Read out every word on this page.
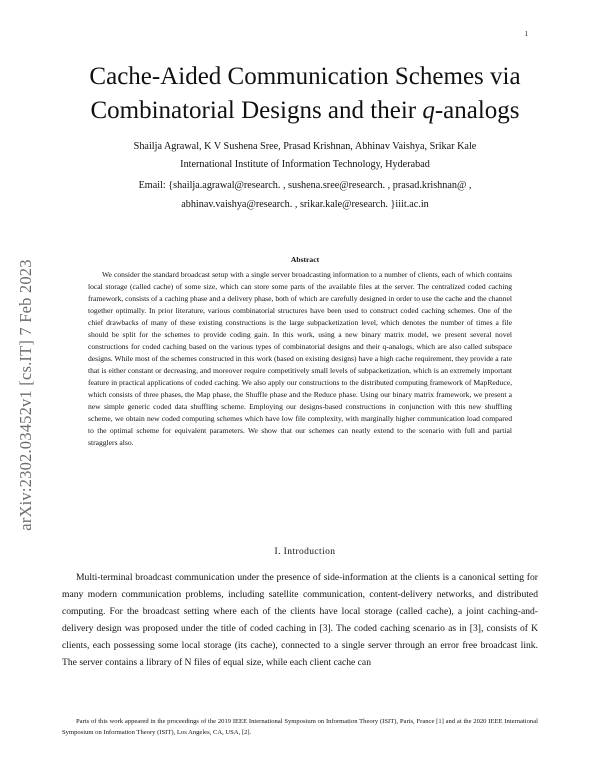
1
arXiv:2302.03452v1 [cs.IT] 7 Feb 2023
Cache-Aided Communication Schemes via
Combinatorial Designs and their q-analogs
Shailja Agrawal, K V Sushena Sree, Prasad Krishnan, Abhinav Vaishya, Srikar Kale
International Institute of Information Technology, Hyderabad
Email: {shailja.agrawal@research. , sushena.sree@research. , prasad.krishnan@ ,
abhinav.vaishya@research. , srikar.kale@research. }iiit.ac.in
Abstract

We consider the standard broadcast setup with a single server broadcasting information to a number of clients, each of which contains local storage (called cache) of some size, which can store some parts of the available files at the server. The centralized coded caching framework, consists of a caching phase and a delivery phase, both of which are carefully designed in order to use the cache and the channel together optimally. In prior literature, various combinatorial structures have been used to construct coded caching schemes. One of the chief drawbacks of many of these existing constructions is the large subpacketization level, which denotes the number of times a file should be split for the schemes to provide coding gain. In this work, using a new binary matrix model, we present several novel constructions for coded caching based on the various types of combinatorial designs and their q-analogs, which are also called subspace designs. While most of the schemes constructed in this work (based on existing designs) have a high cache requirement, they provide a rate that is either constant or decreasing, and moreover require competitively small levels of subpacketization, which is an extremely important feature in practical applications of coded caching. We also apply our constructions to the distributed computing framework of MapReduce, which consists of three phases, the Map phase, the Shuffle phase and the Reduce phase. Using our binary matrix framework, we present a new simple generic coded data shuffling scheme. Employing our designs-based constructions in conjunction with this new shuffling scheme, we obtain new coded computing schemes which have low file complexity, with marginally higher communication load compared to the optimal scheme for equivalent parameters. We show that our schemes can neatly extend to the scenario with full and partial stragglers also.

I. Introduction

Multi-terminal broadcast communication under the presence of side-information at the clients is a canonical setting for many modern communication problems, including satellite communication, content-delivery networks, and distributed computing. For the broadcast setting where each of the clients have local storage (called cache), a joint caching-and-delivery design was proposed under the title of coded caching in [3]. The coded caching scenario as in [3], consists of K clients, each possessing some local storage (its cache), connected to a single server through an error free broadcast link. The server contains a library of N files of equal size, while each client cache can

Parts of this work appeared in the proceedings of the 2019 IEEE International Symposium on Information Theory (ISIT), Paris, France [1] and at the 2020 IEEE International Symposium on Information Theory (ISIT), Los Angeles, CA, USA, [2].
